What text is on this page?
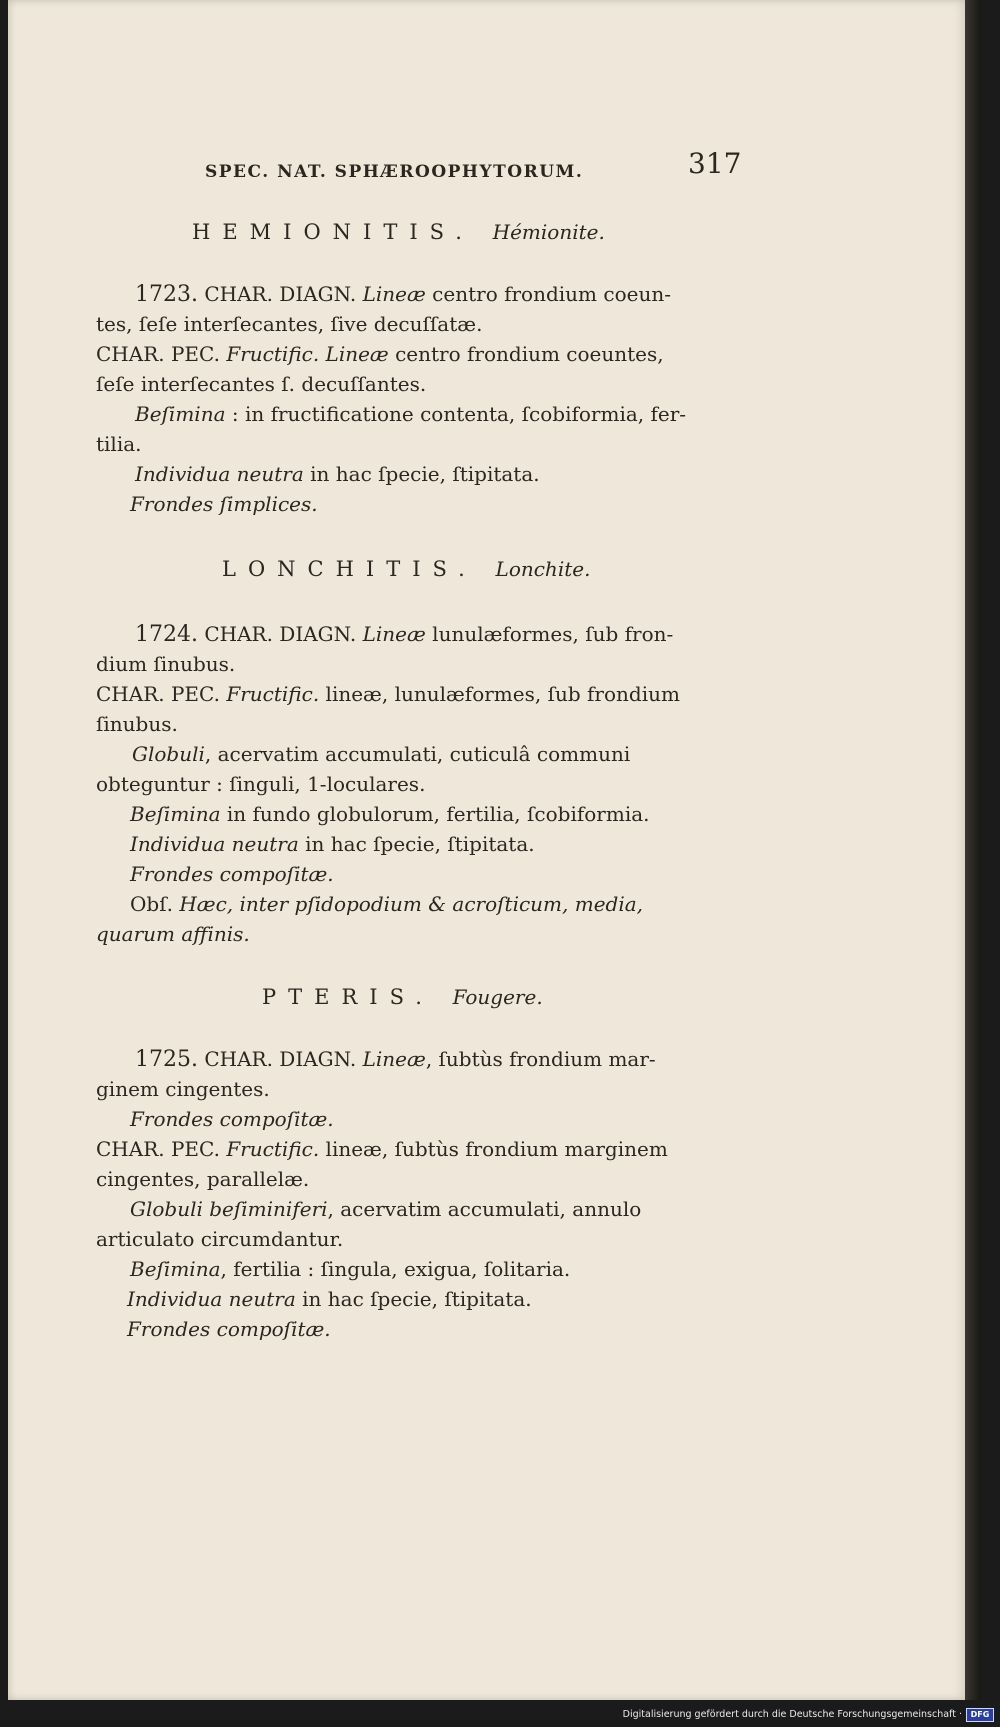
SPEC. NAT. SPHÆROOPHYTORUM.	317
HEMIONITIS. Hémionite.
1723. CHAR. DIAGN. Lineæ centro frondium coeun-
tes, ſeſe interſecantes, ſive decuſſatæ.
CHAR. PEC. Fructific. Lineæ centro frondium coeuntes,
ſeſe interſecantes ſ. decuſſantes.
Beſimina : in fructificatione contenta, ſcobiformia, fer-
tilia.
Individua neutra in hac ſpecie, ſtipitata.
Frondes ſimplices.
LONCHITIS. Lonchite.
1724. CHAR. DIAGN. Lineæ lunulæformes, ſub fron-
dium ſinubus.
CHAR. PEC. Fructific. lineæ, lunulæformes, ſub frondium
ſinubus.
Globuli, acervatim accumulati, cuticulâ communi
obteguntur : ſinguli, 1-loculares.
Beſimina in fundo globulorum, fertilia, ſcobiformia.
Individua neutra in hac ſpecie, ſtipitata.
Frondes compoſitæ.
Obſ. Hæc, inter pſidopodium & acroſticum, media,
quarum affinis.
PTERIS. Fougere.
1725. CHAR. DIAGN. Lineæ, ſubtùs frondium mar-
ginem cingentes.
Frondes compoſitæ.
CHAR. PEC. Fructific. lineæ, ſubtùs frondium marginem
cingentes, parallelæ.
Globuli beſiminiferi, acervatim accumulati, annulo
articulato circumdantur.
Beſimina, fertilia : ſingula, exigua, ſolitaria.
Individua neutra in hac ſpecie, ſtipitata.
Frondes compoſitæ.
Digitalisierung gefördert durch die Deutsche Forschungsgemeinschaft ·	DFG
